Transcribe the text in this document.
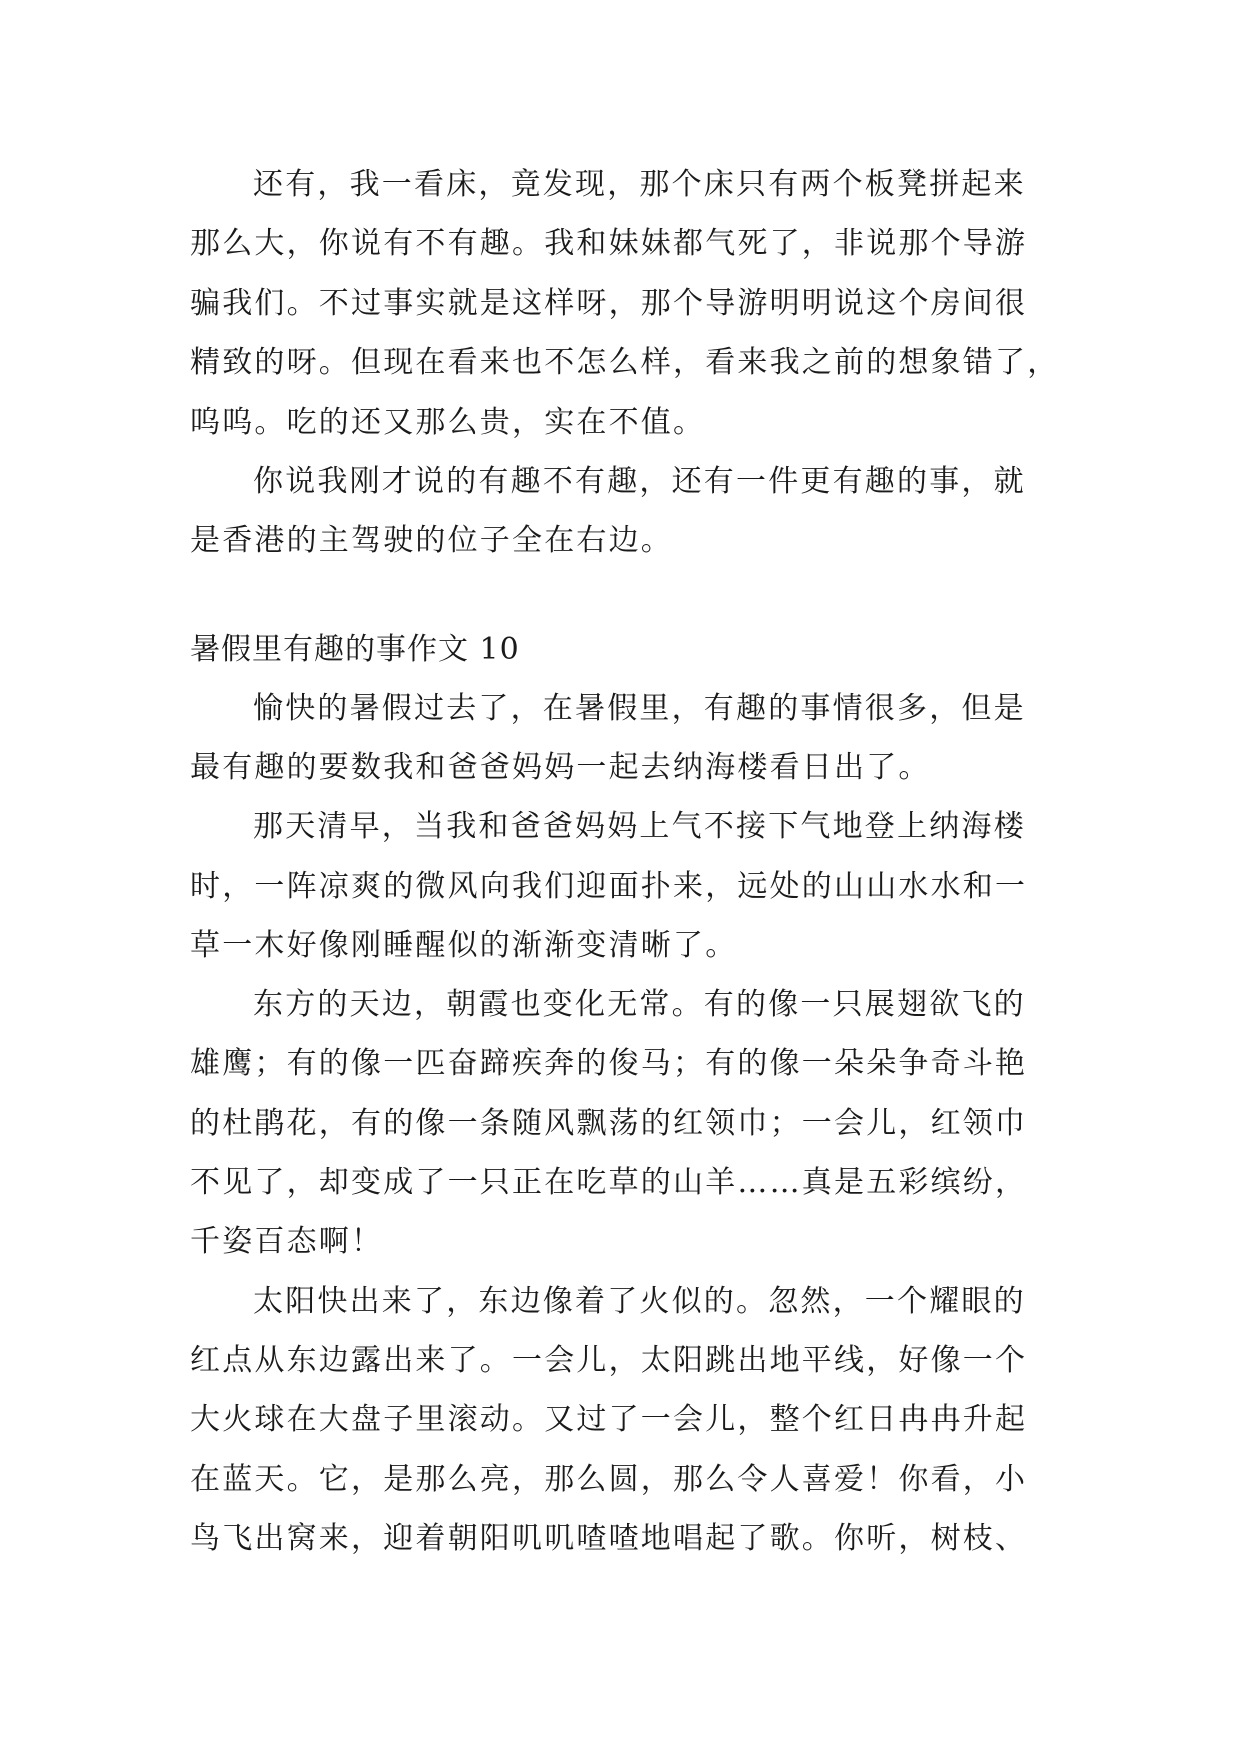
还有，我一看床，竟发现，那个床只有两个板凳拼起来
那么大，你说有不有趣。我和妹妹都气死了，非说那个导游
骗我们。不过事实就是这样呀，那个导游明明说这个房间很
精致的呀。但现在看来也不怎么样，看来我之前的想象错了，
呜呜。吃的还又那么贵，实在不值。
你说我刚才说的有趣不有趣，还有一件更有趣的事，就
是香港的主驾驶的位子全在右边。
暑假里有趣的事作文 10
愉快的暑假过去了，在暑假里，有趣的事情很多，但是
最有趣的要数我和爸爸妈妈一起去纳海楼看日出了。
那天清早，当我和爸爸妈妈上气不接下气地登上纳海楼
时，一阵凉爽的微风向我们迎面扑来，远处的山山水水和一
草一木好像刚睡醒似的渐渐变清晰了。
东方的天边，朝霞也变化无常。有的像一只展翅欲飞的
雄鹰；有的像一匹奋蹄疾奔的俊马；有的像一朵朵争奇斗艳
的杜鹃花，有的像一条随风飘荡的红领巾；一会儿，红领巾
不见了，却变成了一只正在吃草的山羊……真是五彩缤纷，
千姿百态啊！
太阳快出来了，东边像着了火似的。忽然，一个耀眼的
红点从东边露出来了。一会儿，太阳跳出地平线，好像一个
大火球在大盘子里滚动。又过了一会儿，整个红日冉冉升起
在蓝天。它，是那么亮，那么圆，那么令人喜爱！你看，小
鸟飞出窝来，迎着朝阳叽叽喳喳地唱起了歌。你听，树枝、
